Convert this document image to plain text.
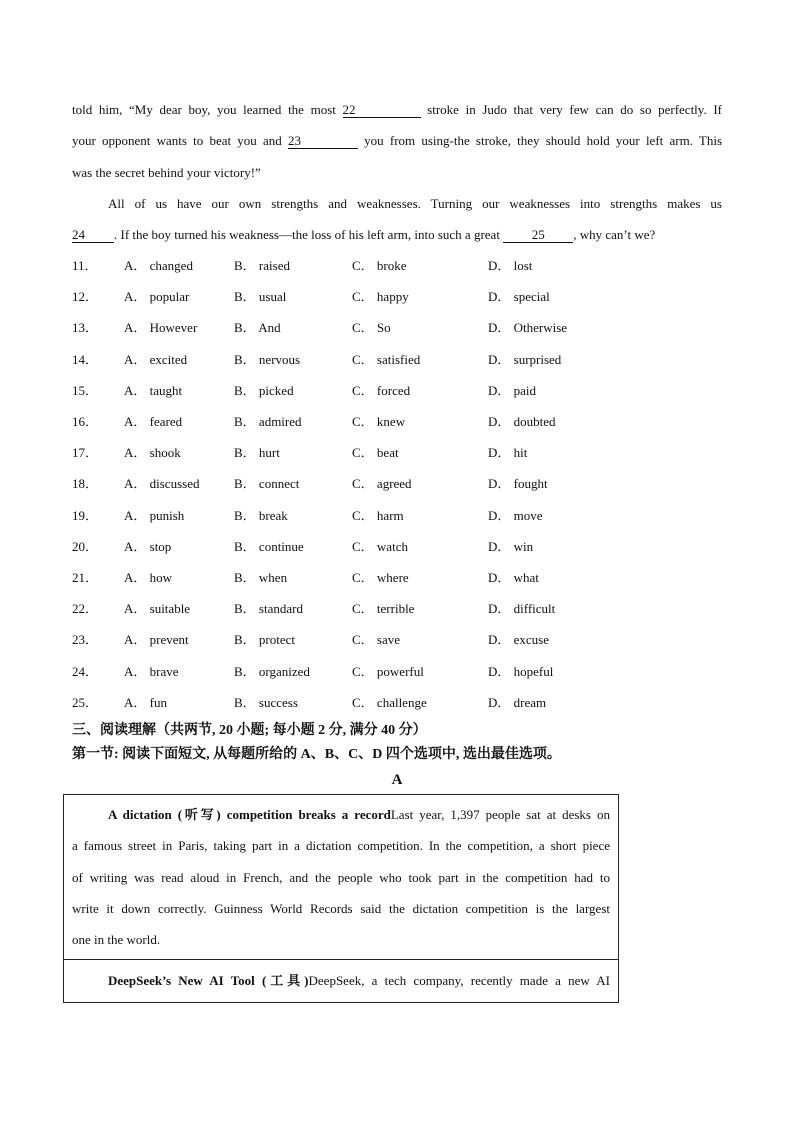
told him, “My dear boy, you learned the most 22	stroke in Judo that very few can do so perfectly. If
your opponent wants to beat you and 23	you from using-the stroke, they should hold your left arm. This
was the secret behind your victory!”
All of us have our own strengths and weaknesses. Turning our weaknesses into strengths makes us
24 . If the boy turned his weakness—the loss of his left arm, into such a great 25 , why can’t we?
11． A． changed	B． raised	C． broke	D． lost
12． A． popular	B． usual	C． happy	D． special
13． A． However	B． And	C． So	D． Otherwise
14． A． excited	B． nervous	C． satisfied	D． surprised
15． A． taught	B． picked	C． forced	D． paid
16． A． feared	B． admired	C． knew	D． doubted
17． A． shook	B． hurt	C． beat	D． hit
18． A． discussed	B． connect	C． agreed	D． fought
19． A． punish	B． break	C． harm	D． move
20． A． stop	B． continue	C． watch	D． win
21． A． how	B． when	C． where	D． what
22． A． suitable	B． standard	C． terrible	D． difficult
23． A． prevent	B． protect	C． save	D． excuse
24． A． brave	B． organized	C． powerful	D． hopeful
25． A． fun	B． success	C． challenge	D． dream
三、阅读理解（共两节, 20 小题; 每小题 2 分, 满分 40 分）
第一节: 阅读下面短文, 从每题所给的 A、B、C、D 四个选项中, 选出最佳选项。
A
A dictation (听写) competition breaks a recordLast year, 1,397 people sat at desks on
a famous street in Paris, taking part in a dictation competition. In the competition, a short piece
of writing was read aloud in French, and the people who took part in the competition had to
write it down correctly. Guinness World Records said the dictation competition is the largest
one in the world.
DeepSeek’s New AI Tool (工具)DeepSeek, a tech company, recently made a new AI
